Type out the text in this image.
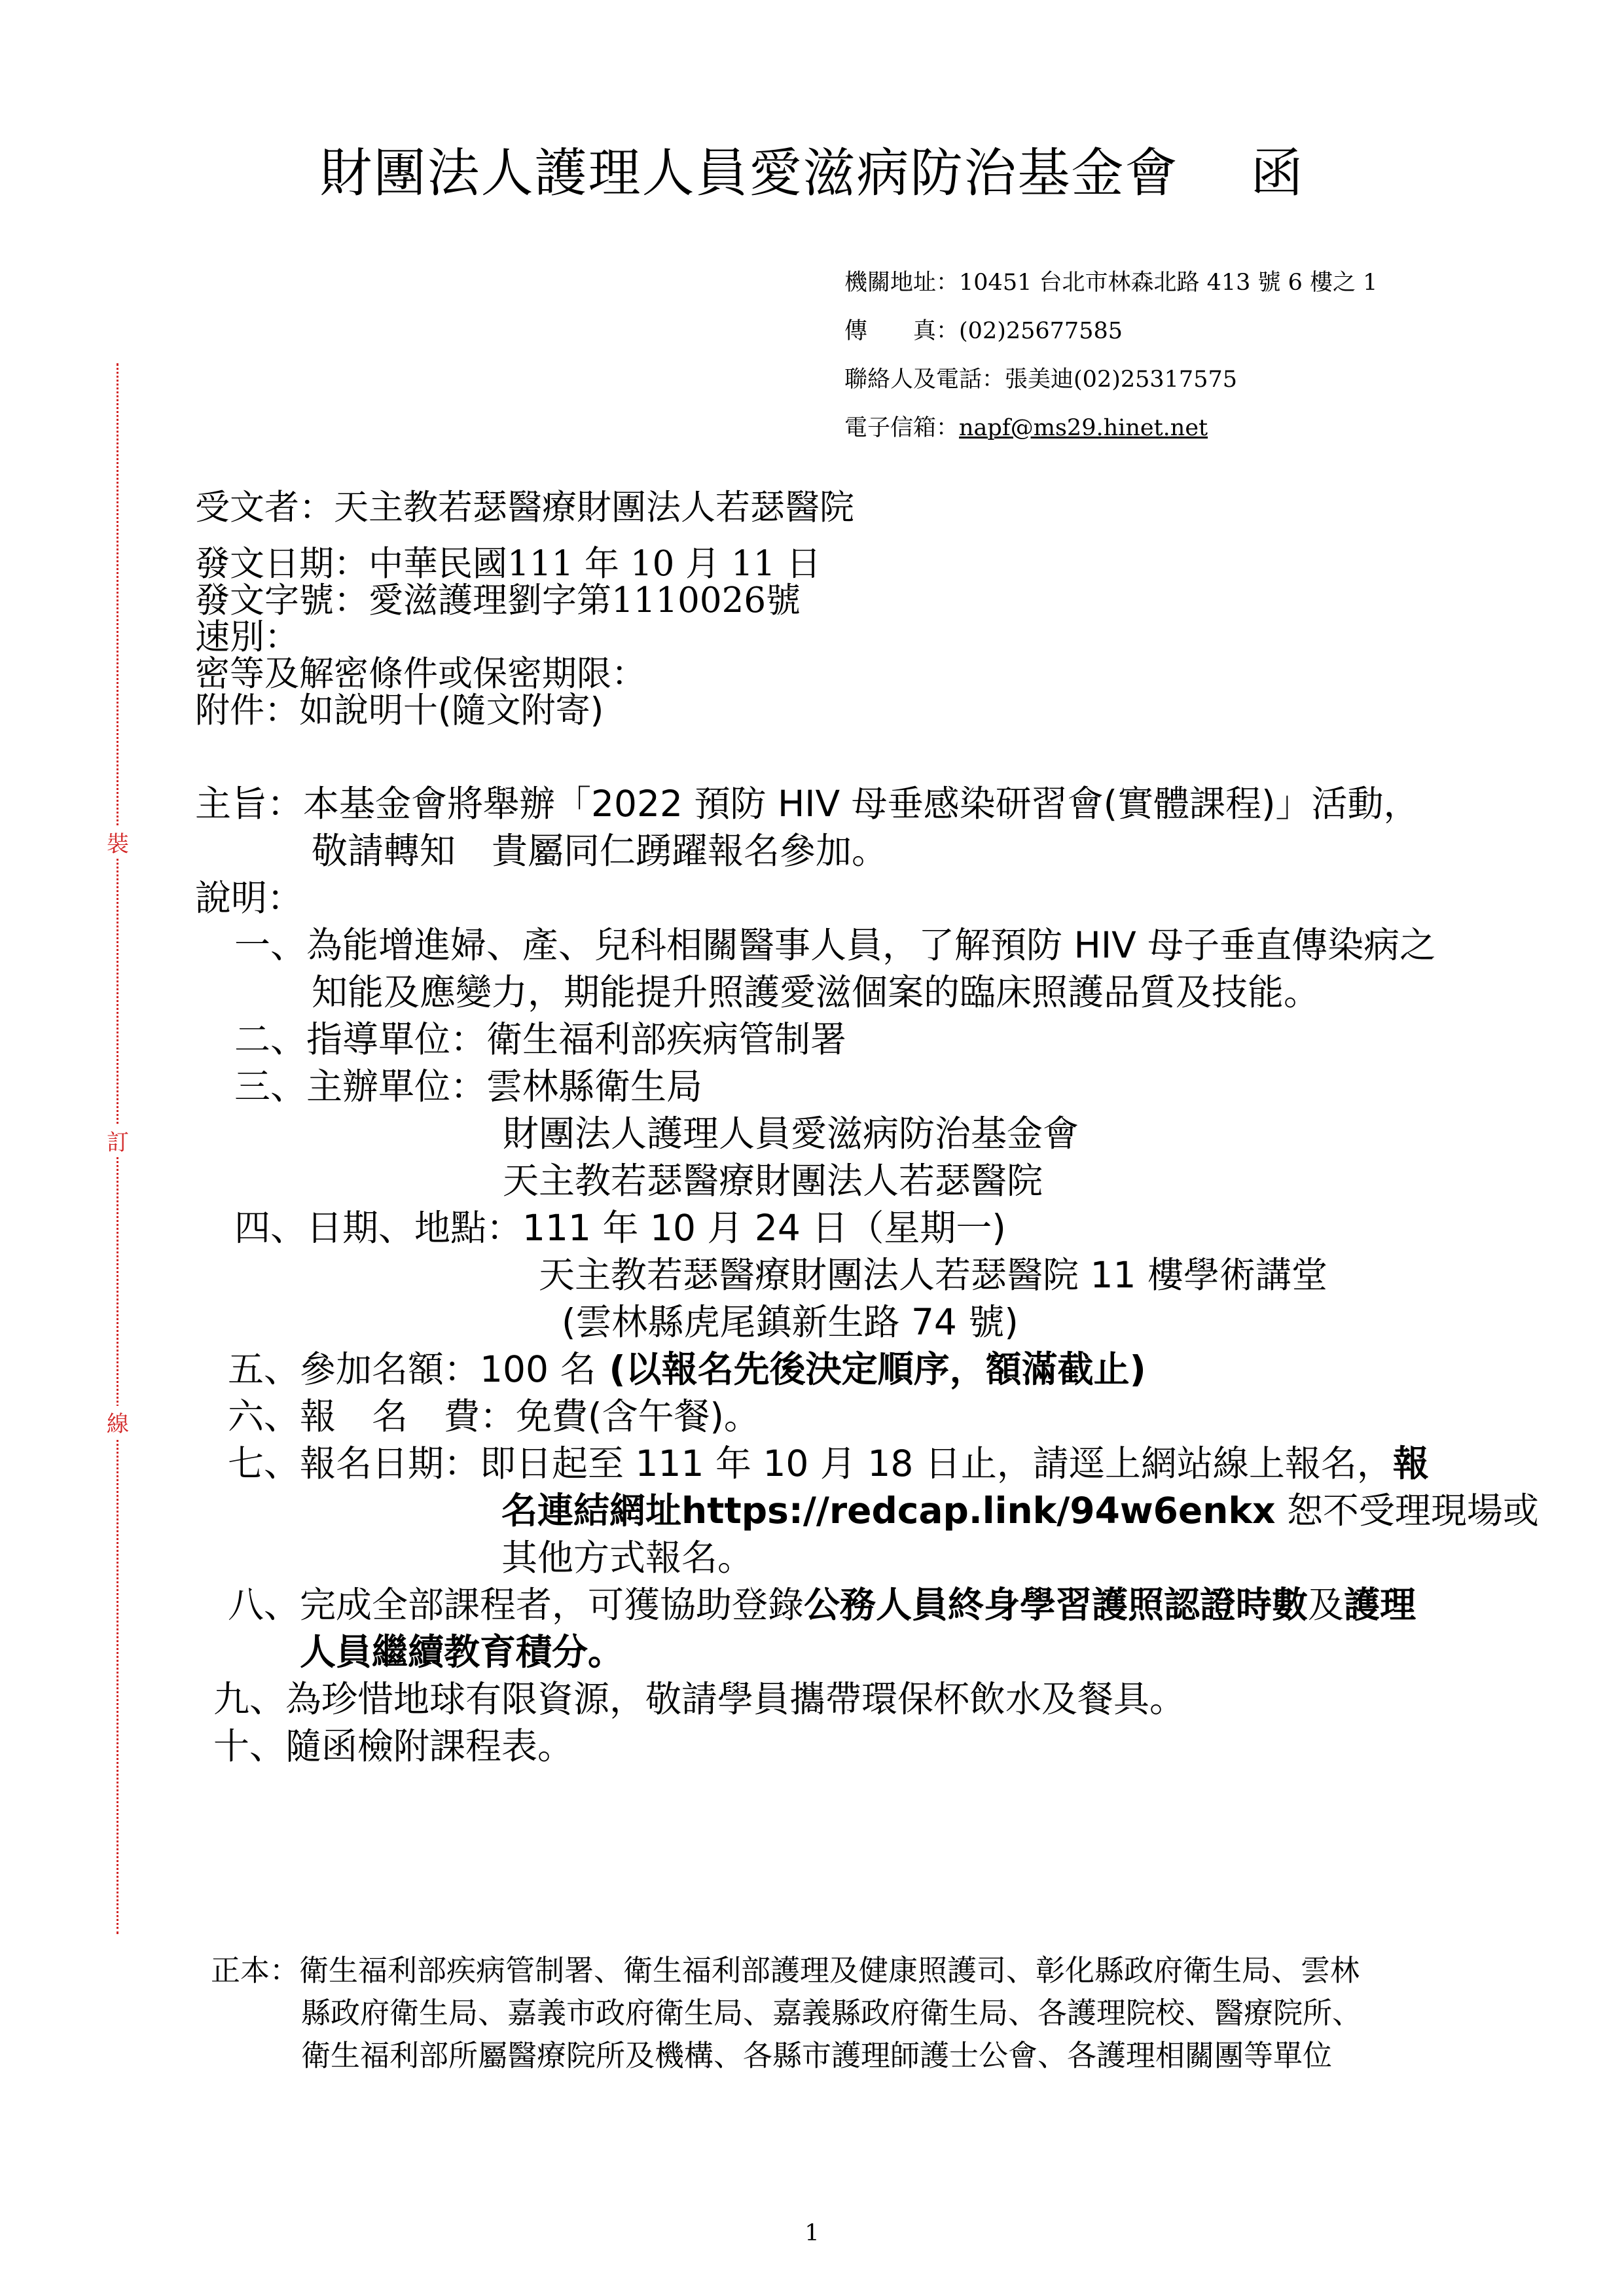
財團法人護理人員愛滋病防治基金會 函
機關地址：10451 台北市林森北路 413 號 6 樓之 1
傳　　真：(02)25677585
聯絡人及電話：張美迪(02)25317575
電子信箱：napf@ms29.hinet.net
裝
訂
線
受文者：天主教若瑟醫療財團法人若瑟醫院
發文日期：中華民國111 年 10 月 11 日
發文字號：愛滋護理劉字第1110026號
速別：
密等及解密條件或保密期限：
附件：如說明十(隨文附寄)
主旨：本基金會將舉辦「2022 預防 HIV 母垂感染研習會(實體課程)」活動，
敬請轉知　貴屬同仁踴躍報名參加。
說明：
一、為能增進婦、產、兒科相關醫事人員，了解預防 HIV 母子垂直傳染病之
知能及應變力，期能提升照護愛滋個案的臨床照護品質及技能。
二、指導單位：衛生福利部疾病管制署
三、主辦單位：雲林縣衛生局
財團法人護理人員愛滋病防治基金會
天主教若瑟醫療財團法人若瑟醫院
四、日期、地點：111 年 10 月 24 日（星期一)
天主教若瑟醫療財團法人若瑟醫院 11 樓學術講堂
(雲林縣虎尾鎮新生路 74 號)
五、參加名額：100 名 (以報名先後決定順序，額滿截止)
六、報　名　費：免費(含午餐)。
七、報名日期：即日起至 111 年 10 月 18 日止，請逕上網站線上報名，報
名連結網址https://redcap.link/94w6enkx 恕不受理現場或
其他方式報名。
八、完成全部課程者，可獲協助登錄公務人員終身學習護照認證時數及護理
人員繼續教育積分。
九、為珍惜地球有限資源，敬請學員攜帶環保杯飲水及餐具。
十、隨函檢附課程表。
正本：衛生福利部疾病管制署、衛生福利部護理及健康照護司、彰化縣政府衛生局、雲林
縣政府衛生局、嘉義市政府衛生局、嘉義縣政府衛生局、各護理院校、醫療院所、
衛生福利部所屬醫療院所及機構、各縣市護理師護士公會、各護理相關團等單位
1
